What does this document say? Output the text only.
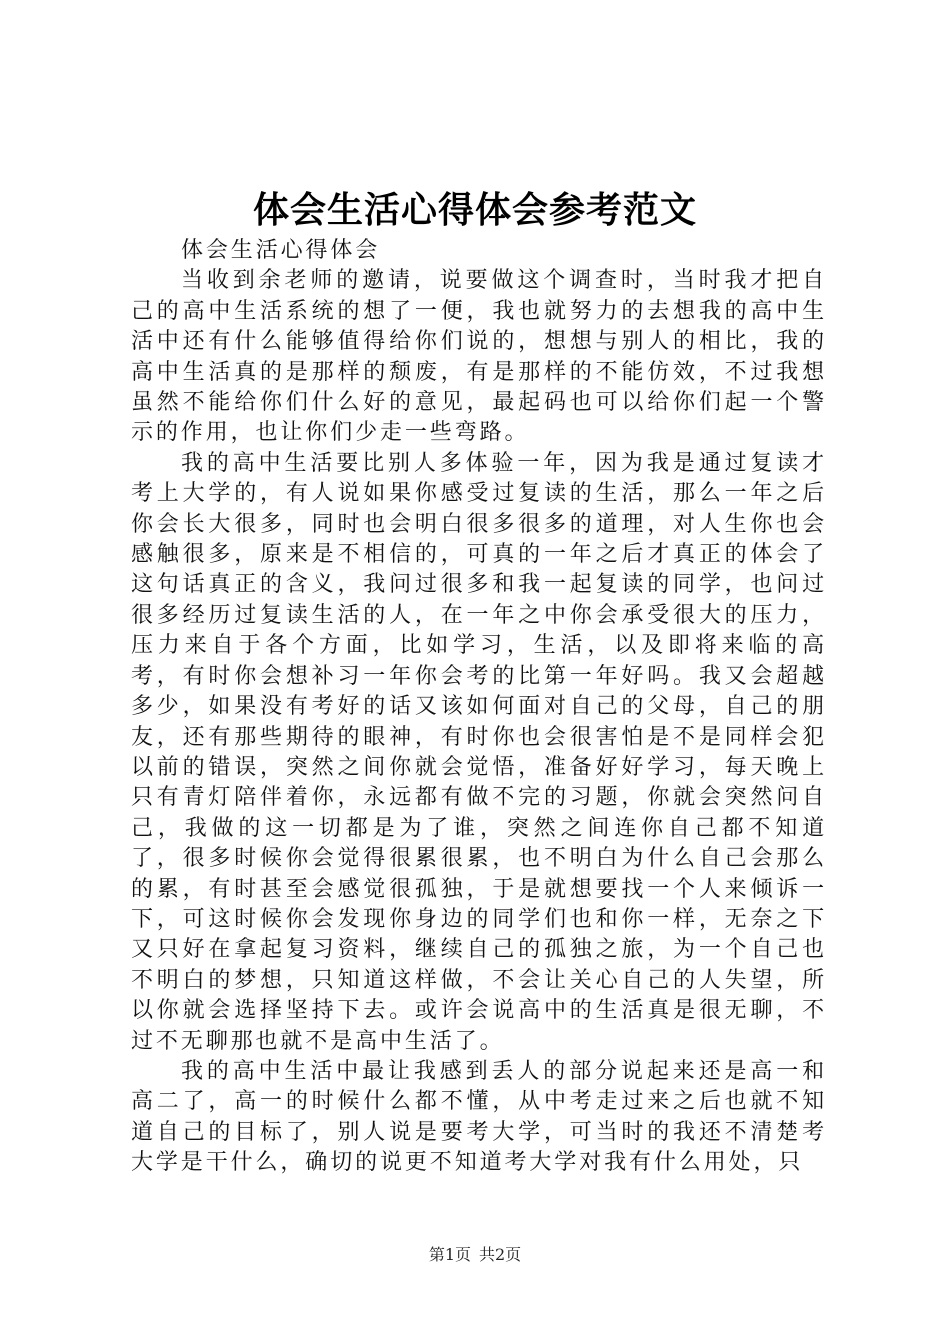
体会生活心得体会参考范文

体会生活心得体会

当收到余老师的邀请，说要做这个调查时，当时我才把自己的高中生活系统的想了一便，我也就努力的去想我的高中生活中还有什么能够值得给你们说的，想想与别人的相比，我的高中生活真的是那样的颓废，有是那样的不能仿效，不过我想虽然不能给你们什么好的意见，最起码也可以给你们起一个警示的作用，也让你们少走一些弯路。

我的高中生活要比别人多体验一年，因为我是通过复读才考上大学的，有人说如果你感受过复读的生活，那么一年之后你会长大很多，同时也会明白很多很多的道理，对人生你也会感触很多，原来是不相信的，可真的一年之后才真正的体会了这句话真正的含义，我问过很多和我一起复读的同学，也问过很多经历过复读生活的人，在一年之中你会承受很大的压力，压力来自于各个方面，比如学习，生活，以及即将来临的高考，有时你会想补习一年你会考的比第一年好吗。我又会超越多少，如果没有考好的话又该如何面对自己的父母，自己的朋友，还有那些期待的眼神，有时你也会很害怕是不是同样会犯以前的错误，突然之间你就会觉悟，准备好好学习，每天晚上只有青灯陪伴着你，永远都有做不完的习题，你就会突然问自己，我做的这一切都是为了谁，突然之间连你自己都不知道了，很多时候你会觉得很累很累，也不明白为什么自己会那么的累，有时甚至会感觉很孤独，于是就想要找一个人来倾诉一下，可这时候你会发现你身边的同学们也和你一样，无奈之下又只好在拿起复习资料，继续自己的孤独之旅，为一个自己也不明白的梦想，只知道这样做，不会让关心自己的人失望，所以你就会选择坚持下去。或许会说高中的生活真是很无聊，不过不无聊那也就不是高中生活了。

我的高中生活中最让我感到丢人的部分说起来还是高一和高二了，高一的时候什么都不懂，从中考走过来之后也就不知道自己的目标了，别人说是要考大学，可当时的我还不清楚考大学是干什么，确切的说更不知道考大学对我有什么用处，只

第1页 共2页
